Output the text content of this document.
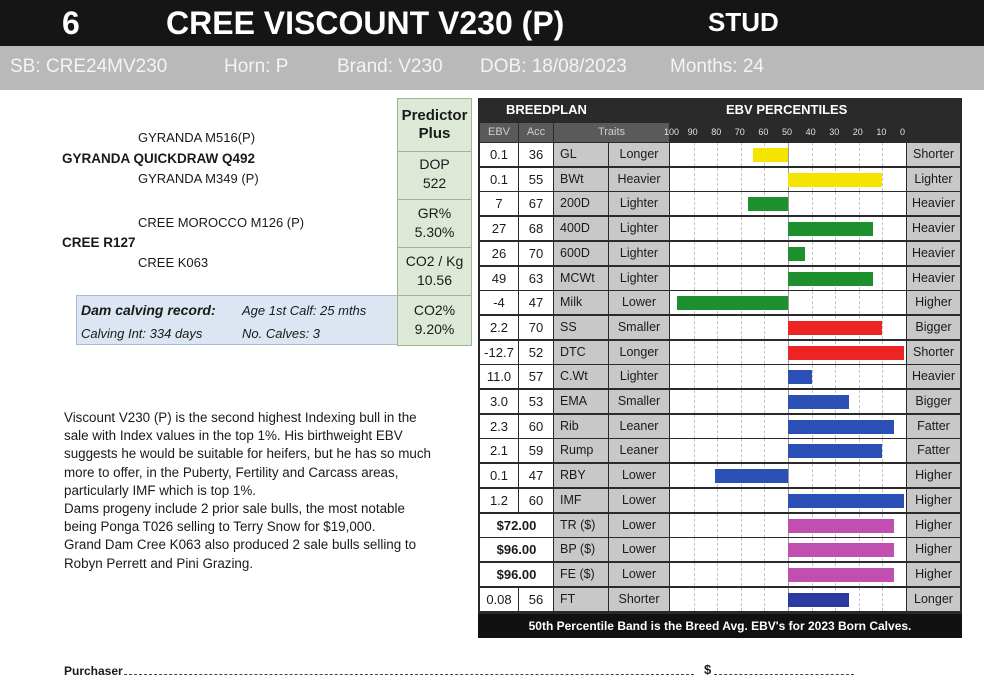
6	CREE VISCOUNT V230 (P)	STUD
SB: CRE24MV230	Horn: P	Brand: V230 DOB: 18/08/2023 Months: 24
GYRANDA M516(P)
GYRANDA QUICKDRAW Q492
GYRANDA M349 (P)
CREE MOROCCO M126 (P)
CREE R127
CREE K063
Dam calving record: Age 1st Calf: 25 mths
Calving Int: 334 days	No. Calves: 3
Predictor
Plus
DOP
522
GR%
5.30%
CO2 / Kg
10.56
CO2%
9.20%
Viscount V230 (P) is the second highest Indexing bull in the
sale with Index values in the top 1%. His birthweight EBV
suggests he would be suitable for heifers, but he has so much
more to offer, in the Puberty, Fertility and Carcass areas,
particularly IMF which is top 1%.
Dams progeny include 2 prior sale bulls, the most notable
being Ponga T026 selling to Terry Snow for $19,000.
Grand Dam Cree K063 also produced 2 sale bulls selling to
Robyn Perrett and Pini Grazing.
BREEDPLAN	EBV PERCENTILES
EBV	Acc	Traits	100 90 80 70 60 50 40 30 20 10 0
0.1	36	GL	Longer	Shorter
0.1	55	BWt	Heavier	Lighter
7	67	200D	Lighter	Heavier
27	68	400D	Lighter	Heavier
26	70	600D	Lighter	Heavier
49	63	MCWt	Lighter	Heavier
-4	47	Milk	Lower	Higher
2.2	70	SS	Smaller	Bigger
-12.7	52	DTC	Longer	Shorter
11.0	57	C.Wt	Lighter	Heavier
3.0	53	EMA	Smaller	Bigger
2.3	60	Rib	Leaner	Fatter
2.1	59	Rump	Leaner	Fatter
0.1	47	RBY	Lower	Higher
1.2	60	IMF	Lower	Higher
$72.00	TR ($)	Lower	Higher
$96.00	BP ($)	Lower	Higher
$96.00	FE ($)	Lower	Higher
0.08	56	FT	Shorter	Longer
50th Percentile Band is the Breed Avg. EBV's for 2023 Born Calves.
Purchaser	$
